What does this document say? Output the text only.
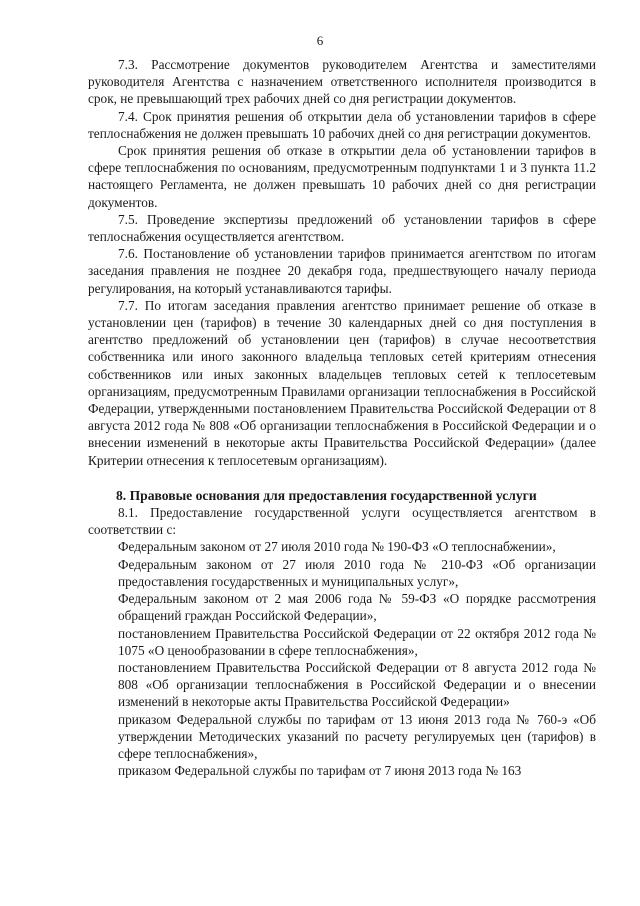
6

7.3. Рассмотрение документов руководителем Агентства и заместителями руководителя Агентства с назначением ответственного исполнителя производится в срок, не превышающий трех рабочих дней со дня регистрации документов.

7.4. Срок принятия решения об открытии дела об установлении тарифов в сфере теплоснабжения не должен превышать 10 рабочих дней со дня регистрации документов.

Срок принятия решения об отказе в открытии дела об установлении тарифов в сфере теплоснабжения по основаниям, предусмотренным подпунктами 1 и 3 пункта 11.2 настоящего Регламента, не должен превышать 10 рабочих дней со дня регистрации документов.

7.5. Проведение экспертизы предложений об установлении тарифов в сфере теплоснабжения осуществляется агентством.

7.6. Постановление об установлении тарифов принимается агентством по итогам заседания правления не позднее 20 декабря года, предшествующего началу периода регулирования, на который устанавливаются тарифы.

7.7. По итогам заседания правления агентство принимает решение об отказе в установлении цен (тарифов) в течение 30 календарных дней со дня поступления в агентство предложений об установлении цен (тарифов) в случае несоответствия собственника или иного законного владельца тепловых сетей критериям отнесения собственников или иных законных владельцев тепловых сетей к теплосетевым организациям, предусмотренным Правилами организации теплоснабжения в Российской Федерации, утвержденными постановлением Правительства Российской Федерации от 8 августа 2012 года № 808 «Об организации теплоснабжения в Российской Федерации и о внесении изменений в некоторые акты Правительства Российской Федерации» (далее Критерии отнесения к теплосетевым организациям).

8. Правовые основания для предоставления государственной услуги

8.1. Предоставление государственной услуги осуществляется агентством в соответствии с:

Федеральным законом от 27 июля 2010 года № 190-ФЗ «О теплоснабжении»,

Федеральным законом от 27 июля 2010 года № 210-ФЗ «Об организации предоставления государственных и муниципальных услуг»,

Федеральным законом от 2 мая 2006 года № 59-ФЗ «О порядке рассмотрения обращений граждан Российской Федерации»,

постановлением Правительства Российской Федерации от 22 октября 2012 года № 1075 «О ценообразовании в сфере теплоснабжения»,

постановлением Правительства Российской Федерации от 8 августа 2012 года № 808 «Об организации теплоснабжения в Российской Федерации и о внесении изменений в некоторые акты Правительства Российской Федерации»

приказом Федеральной службы по тарифам от 13 июня 2013 года № 760-э «Об утверждении Методических указаний по расчету регулируемых цен (тарифов) в сфере теплоснабжения»,

приказом Федеральной службы по тарифам от 7 июня 2013 года № 163
